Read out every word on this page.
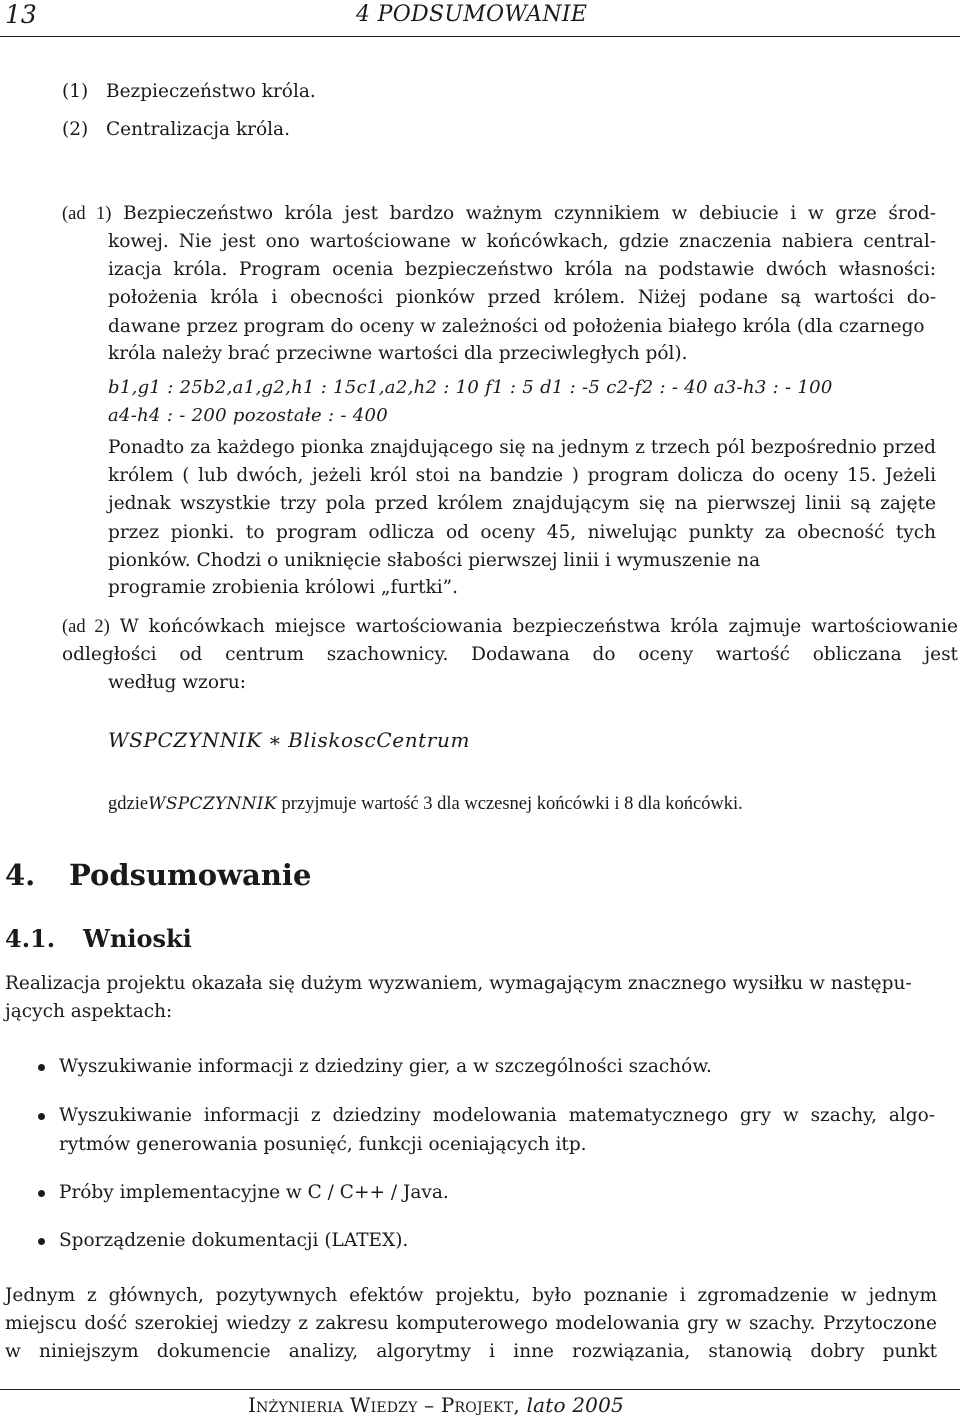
13	4 PODSUMOWANIE
(1) Bezpieczeństwo króla.
(2) Centralizacja króla.
(ad 1) Bezpieczeństwo króla jest bardzo ważnym czynnikiem w debiucie i w grze środ-

kowej. Nie jest ono wartościowane w końcówkach, gdzie znaczenia nabiera central- izacja króla. Program ocenia bezpieczeństwo króla na podstawie dwóch własności: położenia króla i obecności pionków przed królem. Niżej podane są wartości do- dawane przez program do oceny w zależności od położenia białego króla (dla czarnego

króla należy brać przeciwne wartości dla przeciwległych pól).

b1,g1 : 25b2,a1,g2,h1 : 15c1,a2,h2 : 10 f1 : 5 d1 : -5 c2-f2 : - 40 a3-h3 : - 100
a4-h4 : - 200 pozostałe : - 400

Ponadto za każdego pionka znajdującego się na jednym z trzech pól bezpośrednio przed królem ( lub dwóch, jeżeli król stoi na bandzie ) program dolicza do oceny 15. Jeżeli jednak wszystkie trzy pola przed królem znajdującym się na pierwszej linii są zajęte przez pionki. to program odlicza od oceny 45, niwelując punkty za obecność tych pionków. Chodzi o uniknięcie słabości pierwszej linii i wymuszenie na

programie zrobienia królowi „furtki”.

(ad 2) W końcówkach miejsce wartościowania bezpieczeństwa króla zajmuje wartościowanie odległości od centrum szachownicy. Dodawana do oceny wartość obliczana jest

według wzoru:

WSPCZYNNIK ∗ BliskoscCentrum
gdzieWSPCZYNNIK przyjmuje wartość 3 dla wczesnej końcówki i 8 dla końcówki.
4. Podsumowanie
4.1. Wnioski

Realizacja projektu okazała się dużym wyzwaniem, wymagającym znacznego wysiłku w następu-

jących aspektach:

Wyszukiwanie informacji z dziedziny gier, a w szczególności szachów.
Wyszukiwanie informacji z dziedziny modelowania matematycznego gry w szachy, algo- rytmów generowania posunięć, funkcji oceniających itp.
Próby implementacyjne w C / C++ / Java.
Sporządzenie dokumentacji (LATEX).

Jednym z głównych, pozytywnych efektów projektu, było poznanie i zgromadzenie w jednym miejscu dość szerokiej wiedzy z zakresu komputerowego modelowania gry w szachy. Przytoczone w niniejszym dokumencie analizy, algorytmy i inne rozwiązania, stanowią dobry punkt

Inżynieria Wiedzy – Projekt, lato 2005
